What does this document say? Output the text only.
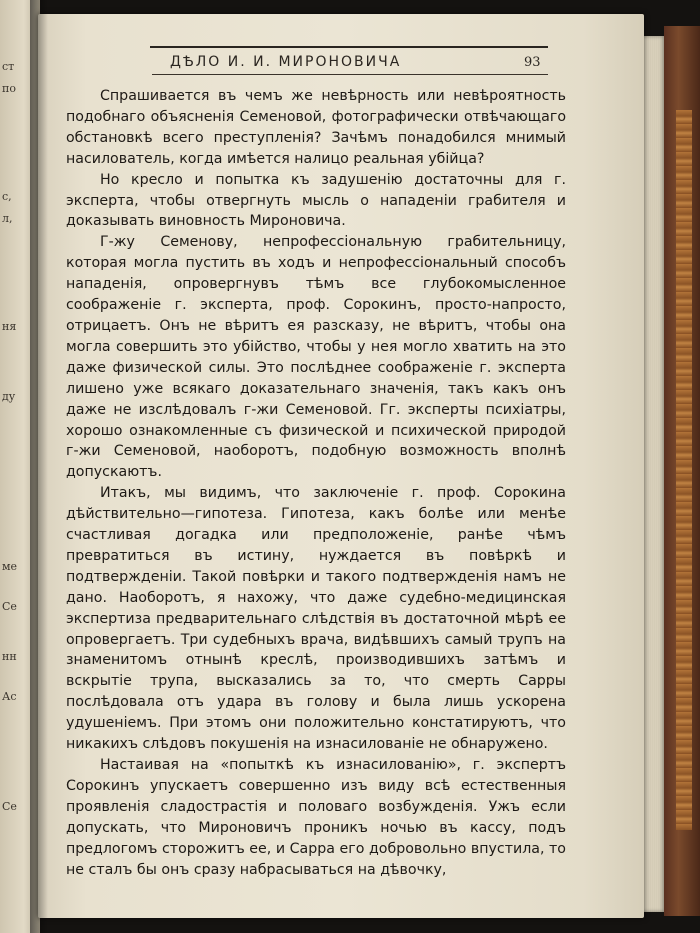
ст
по
с,
л,
ня
ду
ме
Се
нн
Ас
Се
ДѢЛО И. И. МИРОНОВИЧА	93

Спрашивается въ чемъ же невѣрность или невѣроятность подобнаго объясненія Семеновой, фотографически отвѣчающаго обстановкѣ всего преступленія? Зачѣмъ понадобился мнимый насилователь, когда имѣется налицо реальная убійца?

Но кресло и попытка къ задушенію достаточны для г. эксперта, чтобы отвергнуть мысль о нападеніи грабителя и доказывать виновность Мироновича.

Г-жу Семенову, непрофессіональную грабительницу, которая могла пустить въ ходъ и непрофессіональный способъ нападенія, опровергнувъ тѣмъ все глубокомысленное соображеніе г. эксперта, проф. Сорокинъ, просто-напросто, отрицаетъ. Онъ не вѣритъ ея разсказу, не вѣритъ, чтобы она могла совершить это убійство, чтобы у нея могло хватить на это даже физической силы. Это послѣднее соображеніе г. эксперта лишено уже всякаго доказательнаго значенія, такъ какъ онъ даже не изслѣдовалъ г-жи Семеновой. Гг. эксперты психіатры, хорошо ознакомленные съ физической и психической природой г-жи Семеновой, наоборотъ, подобную возможность вполнѣ допускаютъ.

Итакъ, мы видимъ, что заключеніе г. проф. Сорокина дѣйствительно—гипотеза. Гипотеза, какъ болѣе или менѣе счастливая догадка или предположеніе, ранѣе чѣмъ превратиться въ истину, нуждается въ повѣркѣ и подтвержденіи. Такой повѣрки и такого подтвержденія намъ не дано. Наоборотъ, я нахожу, что даже судебно-медицинская экспертиза предварительнаго слѣдствія въ достаточной мѣрѣ ее опровергаетъ. Три судебныхъ врача, видѣвшихъ самый трупъ на знаменитомъ отнынѣ креслѣ, производившихъ затѣмъ и вскрытіе трупа, высказались за то, что смерть Сарры послѣдовала отъ удара въ голову и была лишь ускорена удушеніемъ. При этомъ они положительно констатируютъ, что никакихъ слѣдовъ покушенія на изнасилованіе не обнаружено.

Настаивая на «попыткѣ къ изнасилованію», г. экспертъ Сорокинъ упускаетъ совершенно изъ виду всѣ естественныя проявленія сладострастія и половаго возбужденія. Ужъ если допускать, что Мироновичъ проникъ ночью въ кассу, подъ предлогомъ сторожитъ ее, и Сарра его добровольно впустила, то не сталъ бы онъ сразу набрасываться на дѣвочку,
